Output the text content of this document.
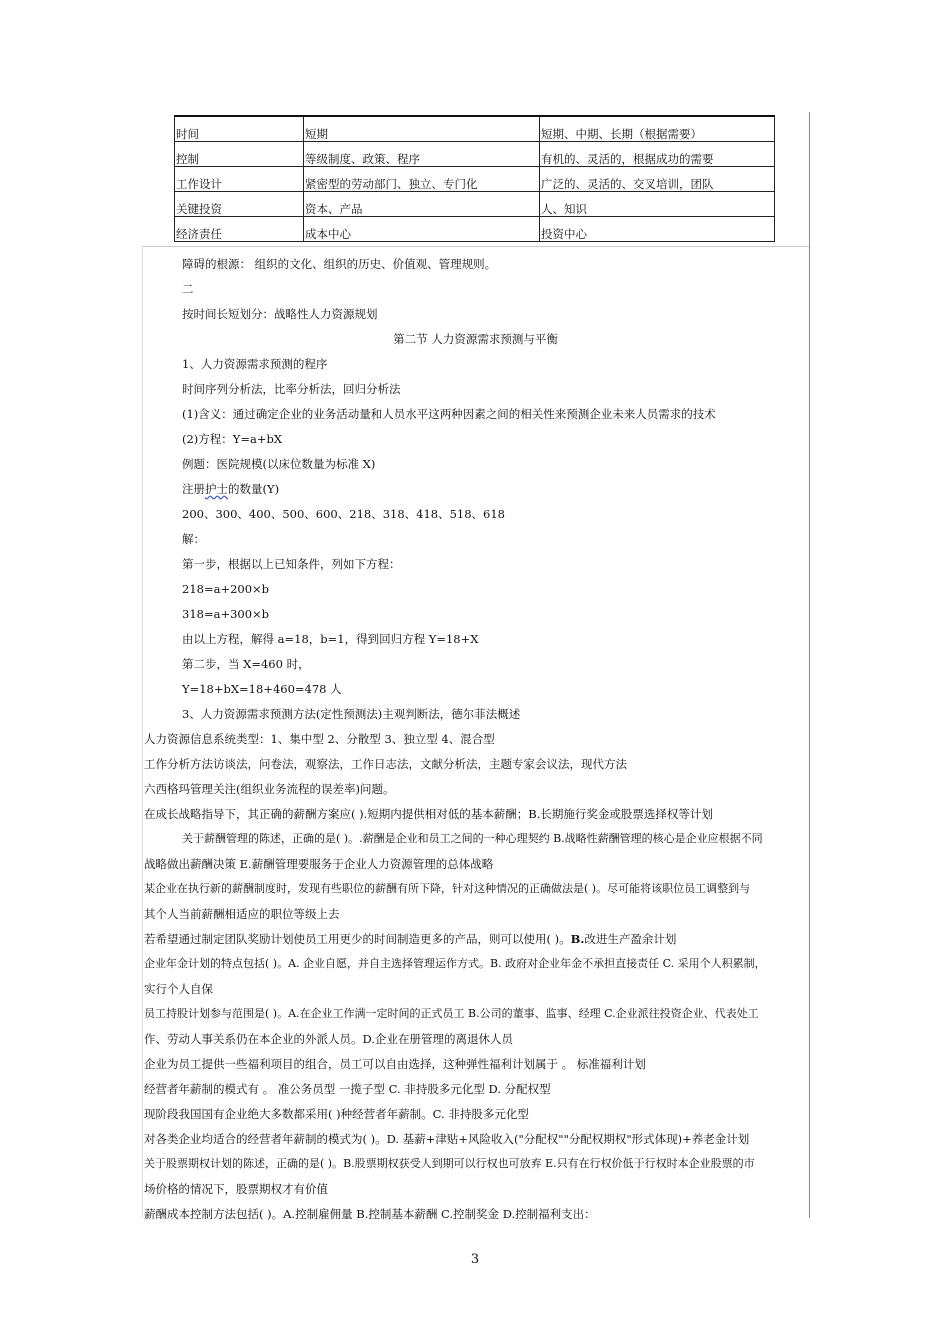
时间	短期	短期、中期、长期（根据需要）
控制	等级制度、政策、程序	有机的、灵活的，根据成功的需要
工作设计	紧密型的劳动部门、独立、专门化	广泛的、灵活的、交叉培训，团队
关键投资	资本、产品	人、知识
经济责任	成本中心	投资中心
障碍的根源： 组织的文化、组织的历史、价值观、管理规则。
二
按时间长短划分：战略性人力资源规划
第二节 人力资源需求预测与平衡
1、人力资源需求预测的程序
时间序列分析法，比率分析法，回归分析法
(1)含义：通过确定企业的业务活动量和人员水平这两种因素之间的相关性来预测企业未来人员需求的技术
(2)方程：Y=a+bX
例题：医院规模(以床位数量为标准 X)
注册护士的数量(Y)
200、300、400、500、600、218、318、418、518、618
解：
第一步，根据以上已知条件，列如下方程：
218=a+200×b
318=a+300×b
由以上方程，解得 a=18，b=1，得到回归方程 Y=18+X
第二步，当 X=460 时，
Y=18+bX=18+460=478 人
3、人力资源需求预测方法(定性预测法)主观判断法，德尔菲法概述
人力资源信息系统类型：1、集中型 2、分散型 3、独立型 4、混合型
工作分析方法访谈法，问卷法，观察法，工作日志法，文献分析法，主题专家会议法，现代方法
六西格玛管理关注(组织业务流程的误差率)问题。
在成长战略指导下，其正确的薪酬方案应( ).短期内提供相对低的基本薪酬；B.长期施行奖金或股票选择权等计划
关于薪酬管理的陈述，正确的是( )。.薪酬是企业和员工之间的一种心理契约 B.战略性薪酬管理的核心是企业应根据不同
战略做出薪酬决策 E.薪酬管理要服务于企业人力资源管理的总体战略
某企业在执行新的薪酬制度时，发现有些职位的薪酬有所下降，针对这种情况的正确做法是( )。尽可能将该职位员工调整到与
其个人当前薪酬相适应的职位等级上去
若希望通过制定团队奖励计划使员工用更少的时间制造更多的产品，则可以使用( )。B.改进生产盈余计划
企业年金计划的特点包括( )。A. 企业自愿，并自主选择管理运作方式。B. 政府对企业年金不承担直接责任 C. 采用个人积累制，
实行个人自保
员工持股计划参与范围是( )。A.在企业工作满一定时间的正式员工 B.公司的董事、监事、经理 C.企业派往投资企业、代表处工
作、劳动人事关系仍在本企业的外派人员。D.企业在册管理的离退休人员
企业为员工提供一些福利项目的组合，员工可以自由选择，这种弹性福利计划属于 。 标准福利计划
经营者年薪制的模式有 。 准公务员型 一揽子型 C. 非持股多元化型 D. 分配权型
现阶段我国国有企业绝大多数都采用( )种经营者年薪制。C. 非持股多元化型
对各类企业均适合的经营者年薪制的模式为( )。D. 基薪+津贴+风险收入("分配权""分配权期权"形式体现)+养老金计划
关于股票期权计划的陈述，正确的是( )。B.股票期权获受人到期可以行权也可放弃 E.只有在行权价低于行权时本企业股票的市
场价格的情况下，股票期权才有价值
薪酬成本控制方法包括( )。A.控制雇佣量 B.控制基本薪酬 C.控制奖金 D.控制福利支出：
3
